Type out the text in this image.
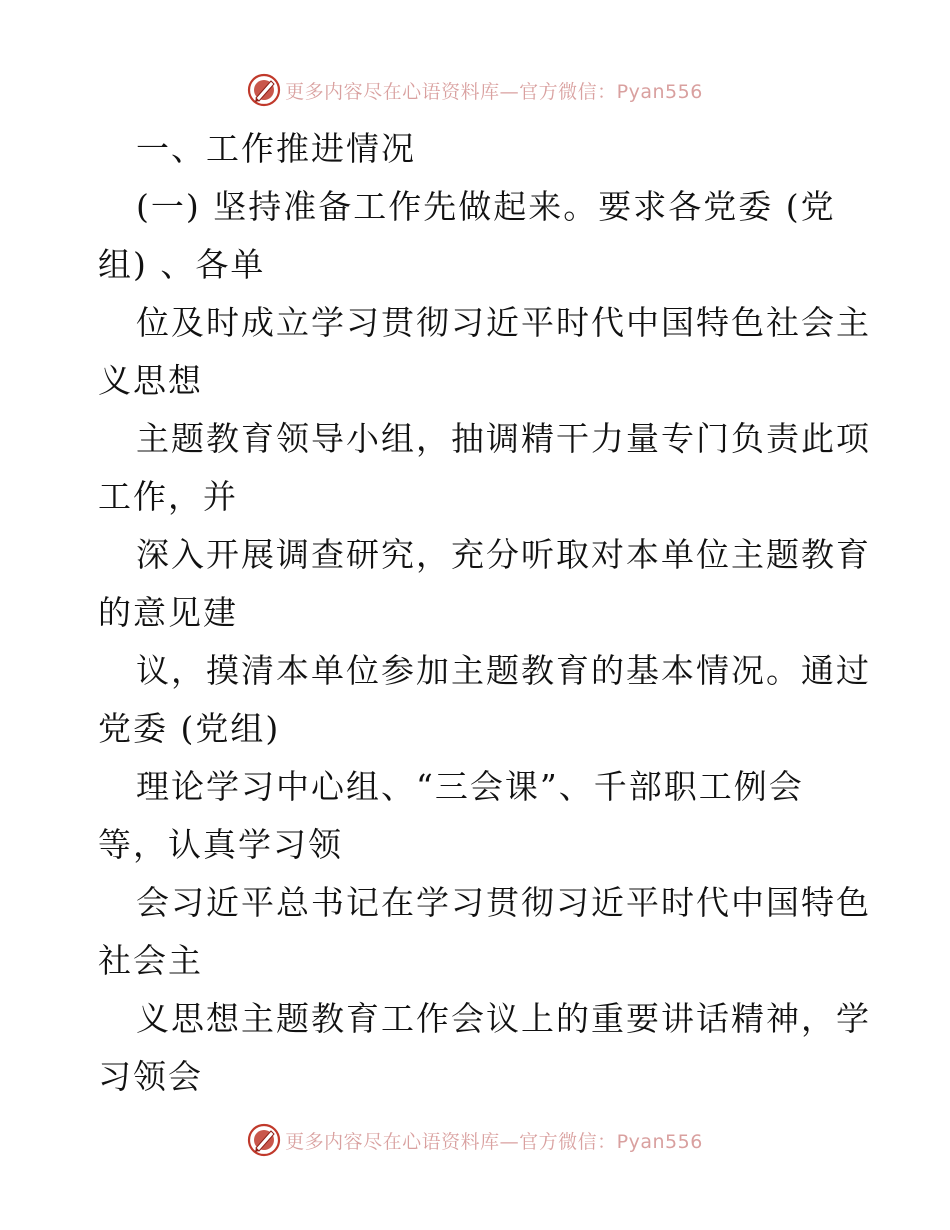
更多内容尽在心语资料库— 官方微信：Pyan556
一、工作推进情况
(一) 坚持准备工作先做起来。要求各党委 (党
组) 、各单
位及时成立学习贯彻习近平时代中国特色社会主
义思想
主题教育领导小组，抽调精干力量专门负责此项
工作，并
深入开展调查研究，充分听取对本单位主题教育
的意见建
议，摸清本单位参加主题教育的基本情况。通过
党委 (党组)
理论学习中心组、“三会课”、千部职工例会
等，认真学习领
会习近平总书记在学习贯彻习近平时代中国特色
社会主
义思想主题教育工作会议上的重要讲话精神，学
习领会
更多内容尽在心语资料库— 官方微信：Pyan556
